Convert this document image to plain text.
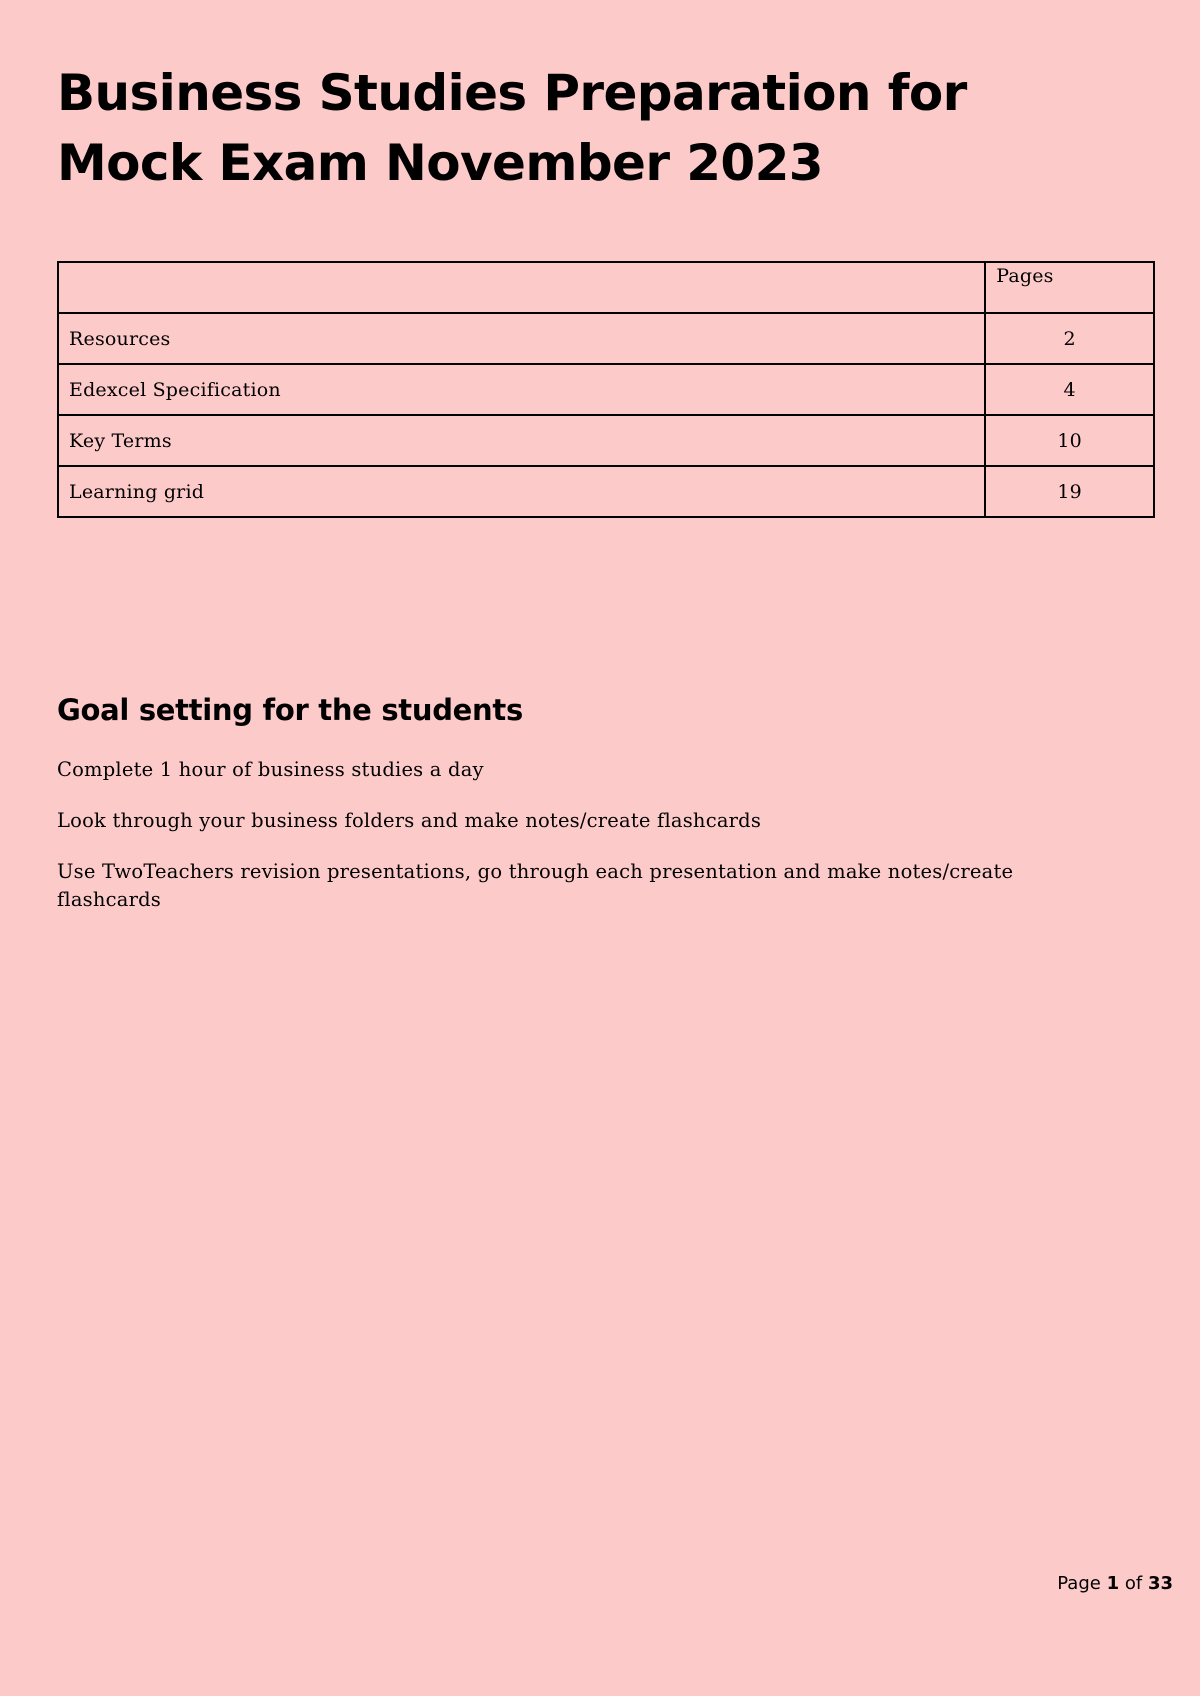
Business Studies Preparation for Mock Exam November 2023
	Pages
Resources	2
Edexcel Specification	4
Key Terms	10
Learning grid	19
Goal setting for the students
Complete 1 hour of business studies a day
Look through your business folders and make notes/create flashcards
Use TwoTeachers revision presentations, go through each presentation and make notes/create flashcards
Page 1 of 33
